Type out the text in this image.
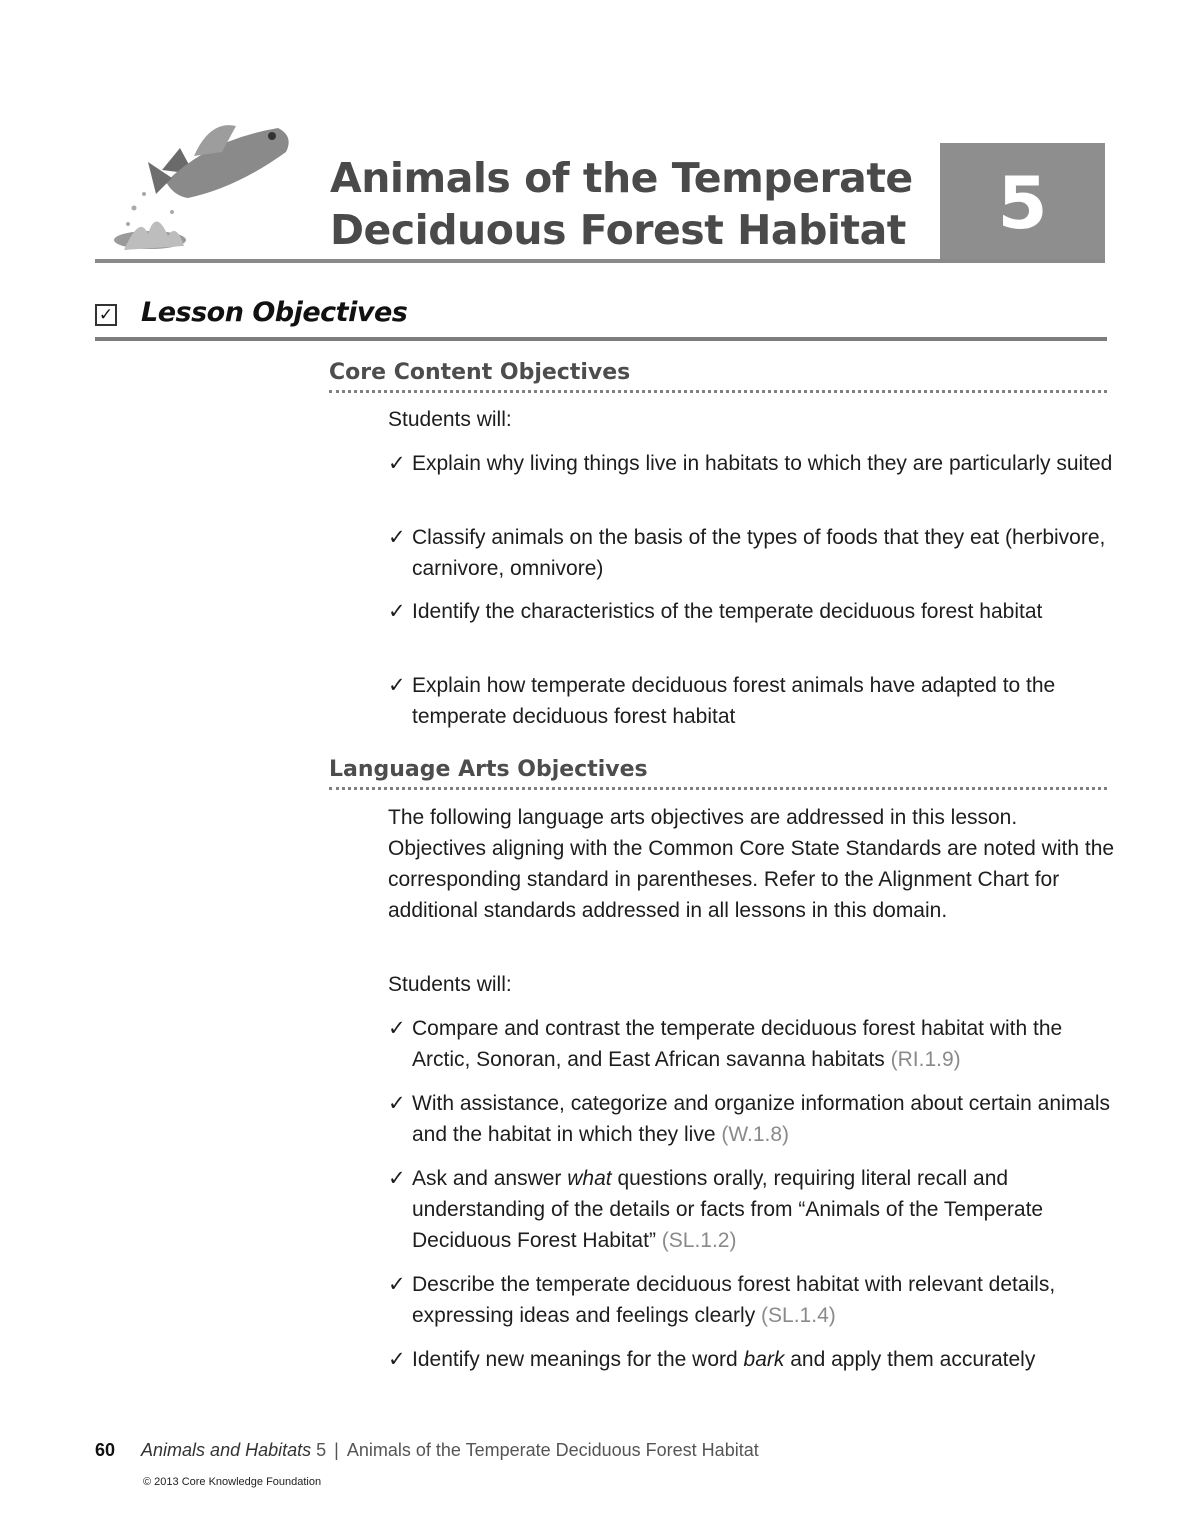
Animals of the Temperate
Deciduous Forest Habitat	5
✓ Lesson Objectives
Core Content Objectives
Students will:
✓ Explain why living things live in habitats to which they are particularly suited
✓ Classify animals on the basis of the types of foods that they eat (herbivore, carnivore, omnivore)
✓ Identify the characteristics of the temperate deciduous forest habitat
✓ Explain how temperate deciduous forest animals have adapted to the temperate deciduous forest habitat
Language Arts Objectives
The following language arts objectives are addressed in this lesson. Objectives aligning with the Common Core State Standards are noted with the corresponding standard in parentheses. Refer to the Alignment Chart for additional standards addressed in all lessons in this domain.
Students will:
✓ Compare and contrast the temperate deciduous forest habitat with the Arctic, Sonoran, and East African savanna habitats (RI.1.9)
✓ With assistance, categorize and organize information about certain animals and the habitat in which they live (W.1.8)
✓ Ask and answer what questions orally, requiring literal recall and understanding of the details or facts from “Animals of the Temperate Deciduous Forest Habitat” (SL.1.2)
✓ Describe the temperate deciduous forest habitat with relevant details, expressing ideas and feelings clearly (SL.1.4)
✓ Identify new meanings for the word bark and apply them accurately
60 Animals and Habitats 5 | Animals of the Temperate Deciduous Forest Habitat
© 2013 Core Knowledge Foundation
